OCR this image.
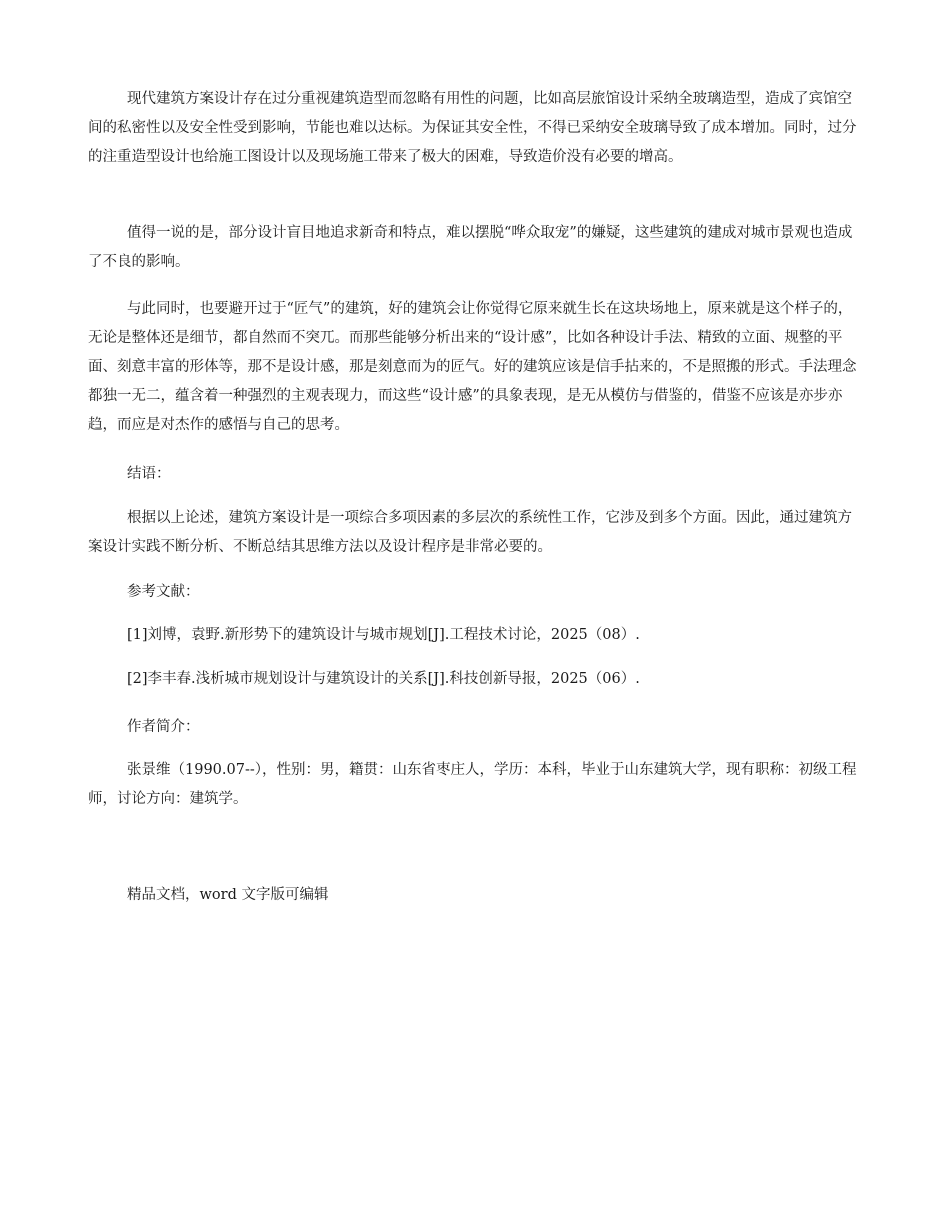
现代建筑方案设计存在过分重视建筑造型而忽略有用性的问题，比如高层旅馆设计采纳全玻璃造型，造成了宾馆空间的私密性以及安全性受到影响，节能也难以达标。为保证其安全性，不得已采纳安全玻璃导致了成本增加。同时，过分的注重造型设计也给施工图设计以及现场施工带来了极大的困难，导致造价没有必要的增高。

值得一说的是，部分设计盲目地追求新奇和特点，难以摆脱“哗众取宠”的嫌疑，这些建筑的建成对城市景观也造成了不良的影响。

与此同时，也要避开过于“匠气”的建筑，好的建筑会让你觉得它原来就生长在这块场地上，原来就是这个样子的，无论是整体还是细节，都自然而不突兀。而那些能够分析出来的“设计感”，比如各种设计手法、精致的立面、规整的平面、刻意丰富的形体等，那不是设计感，那是刻意而为的匠气。好的建筑应该是信手拈来的，不是照搬的形式。手法理念都独一无二，蕴含着一种强烈的主观表现力，而这些“设计感”的具象表现，是无从模仿与借鉴的，借鉴不应该是亦步亦趋，而应是对杰作的感悟与自己的思考。

结语：

根据以上论述，建筑方案设计是一项综合多项因素的多层次的系统性工作，它涉及到多个方面。因此，通过建筑方案设计实践不断分析、不断总结其思维方法以及设计程序是非常必要的。

参考文献：

[1]刘博，袁野.新形势下的建筑设计与城市规划[J].工程技术讨论，2025（08）.

[2]李丰春.浅析城市规划设计与建筑设计的关系[J].科技创新导报，2025（06）.

作者简介：

张景维（1990.07--），性别：男，籍贯：山东省枣庄人，学历：本科，毕业于山东建筑大学，现有职称：初级工程师，讨论方向：建筑学。

精品文档，word 文字版可编辑
